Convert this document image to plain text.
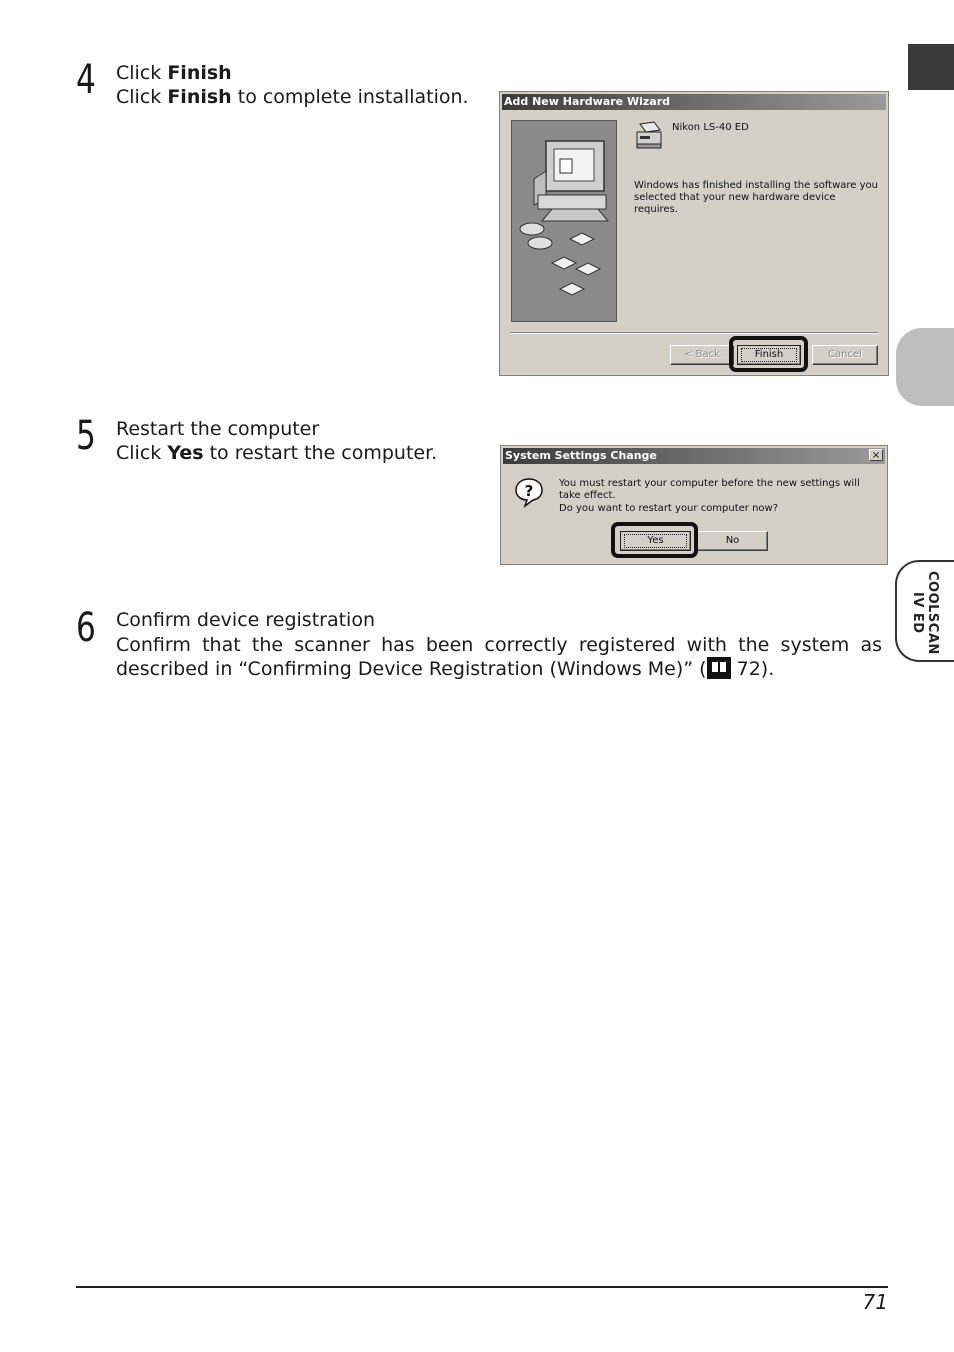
COOLSCAN IV ED
4 Click Finish
Click Finish to complete installation.	Add New Hardware Wizard
Nikon LS-40 ED
Windows has finished installing the software you selected that your new hardware device requires.
< Back	Finish	Cancel
5 Restart the computer
Click Yes to restart the computer.	System Settings Change	×
?	You must restart your computer before the new settings will take effect.
Do you want to restart your computer now?
Yes	No
6 Confirm device registration
Confirm that the scanner has been correctly registered with the system as described in “Confirming Device Registration (Windows Me)” ( 72).
71
